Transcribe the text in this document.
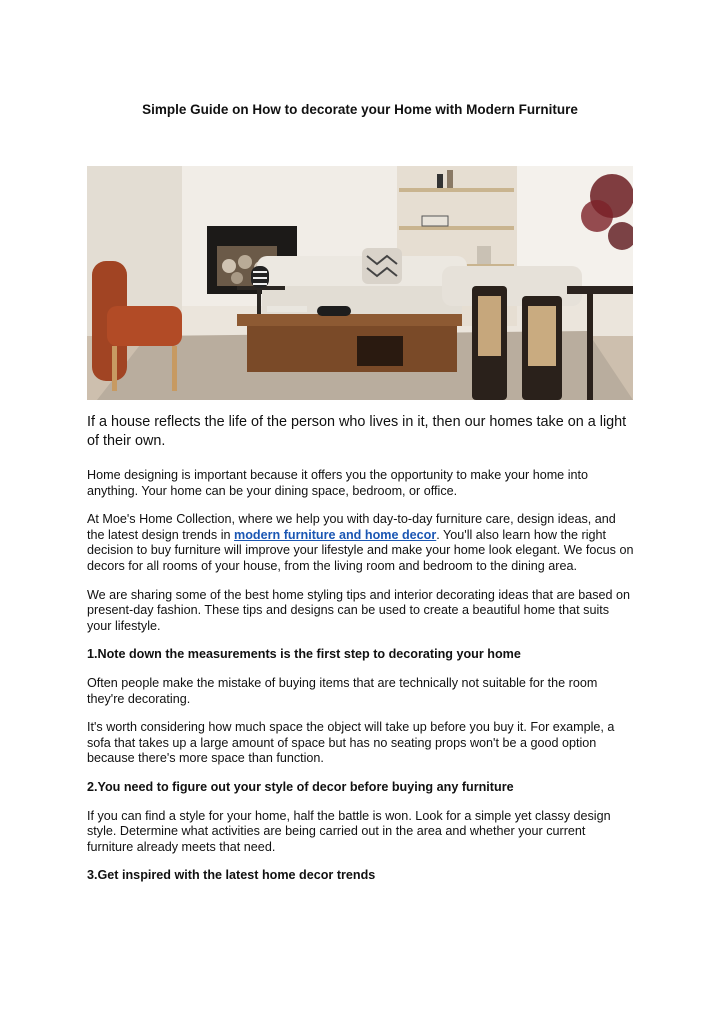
Simple Guide on How to decorate your Home with Modern Furniture

If a house reflects the life of the person who lives in it, then our homes take on a light of their own.

Home designing is important because it offers you the opportunity to make your home into anything. Your home can be your dining space, bedroom, or office.

At Moe's Home Collection, where we help you with day-to-day furniture care, design ideas, and the latest design trends in modern furniture and home decor. You'll also learn how the right decision to buy furniture will improve your lifestyle and make your home look elegant. We focus on decors for all rooms of your house, from the living room and bedroom to the dining area.

We are sharing some of the best home styling tips and interior decorating ideas that are based on present-day fashion. These tips and designs can be used to create a beautiful home that suits your lifestyle.

1.Note down the measurements is the first step to decorating your home

Often people make the mistake of buying items that are technically not suitable for the room they're decorating.

It's worth considering how much space the object will take up before you buy it. For example, a sofa that takes up a large amount of space but has no seating props won't be a good option because there's more space than function.

2.You need to figure out your style of decor before buying any furniture

If you can find a style for your home, half the battle is won. Look for a simple yet classy design style. Determine what activities are being carried out in the area and whether your current furniture already meets that need.

3.Get inspired with the latest home decor trends
